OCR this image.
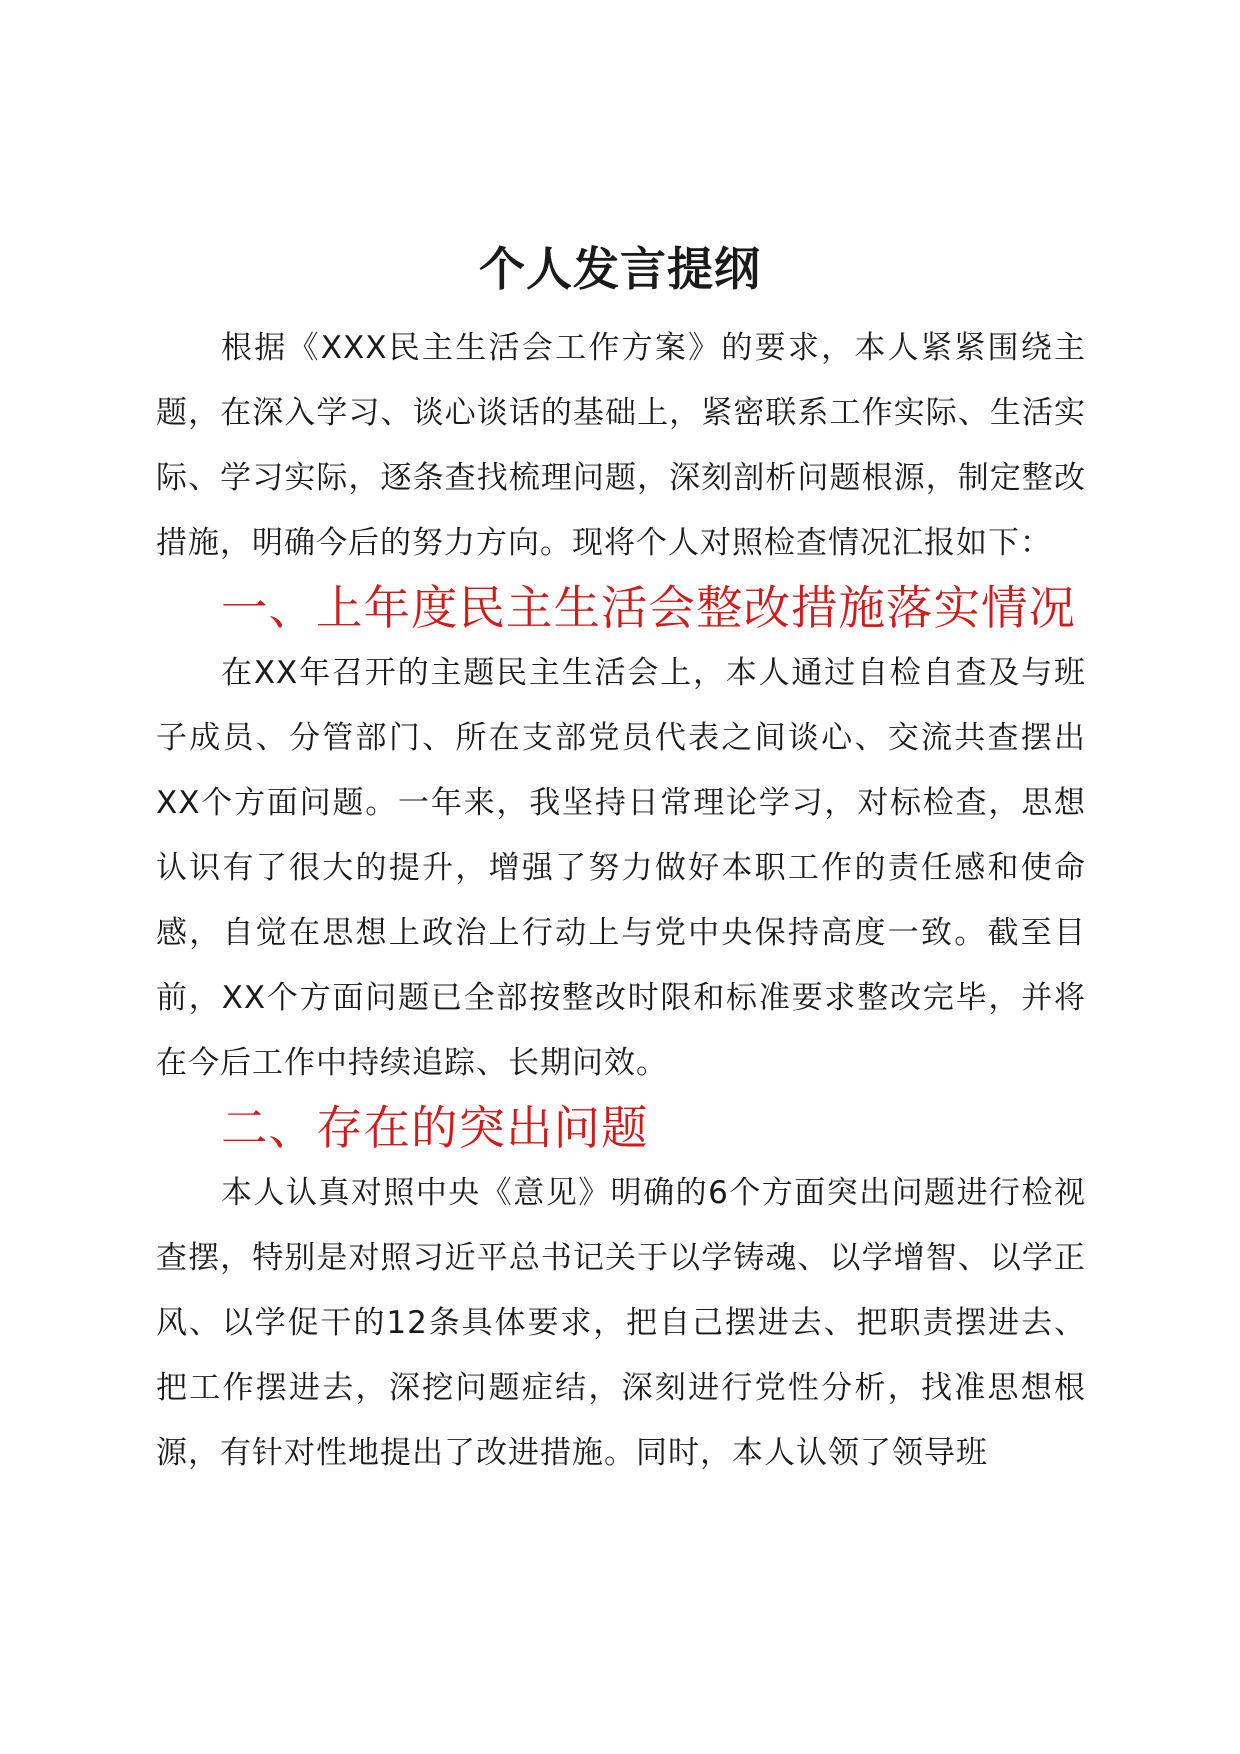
个人发言提纲

根据《XXX民主生活会工作方案》的要求，本人紧紧围绕主题，在深入学习、谈心谈话的基础上，紧密联系工作实际、生活实际、学习实际，逐条查找梳理问题，深刻剖析问题根源，制定整改措施，明确今后的努力方向。现将个人对照检查情况汇报如下：

一、上年度民主生活会整改措施落实情况

在XX年召开的主题民主生活会上，本人通过自检自查及与班子成员、分管部门、所在支部党员代表之间谈心、交流共查摆出XX个方面问题。一年来，我坚持日常理论学习，对标检查，思想认识有了很大的提升，增强了努力做好本职工作的责任感和使命感，自觉在思想上政治上行动上与党中央保持高度一致。截至目前，XX个方面问题已全部按整改时限和标准要求整改完毕，并将在今后工作中持续追踪、长期问效。

二、存在的突出问题

本人认真对照中央《意见》明确的6个方面突出问题进行检视查摆，特别是对照习近平总书记关于以学铸魂、以学增智、以学正风、以学促干的12条具体要求，把自己摆进去、把职责摆进去、把工作摆进去，深挖问题症结，深刻进行党性分析，找准思想根源，有针对性地提出了改进措施。同时，本人认领了领导班
